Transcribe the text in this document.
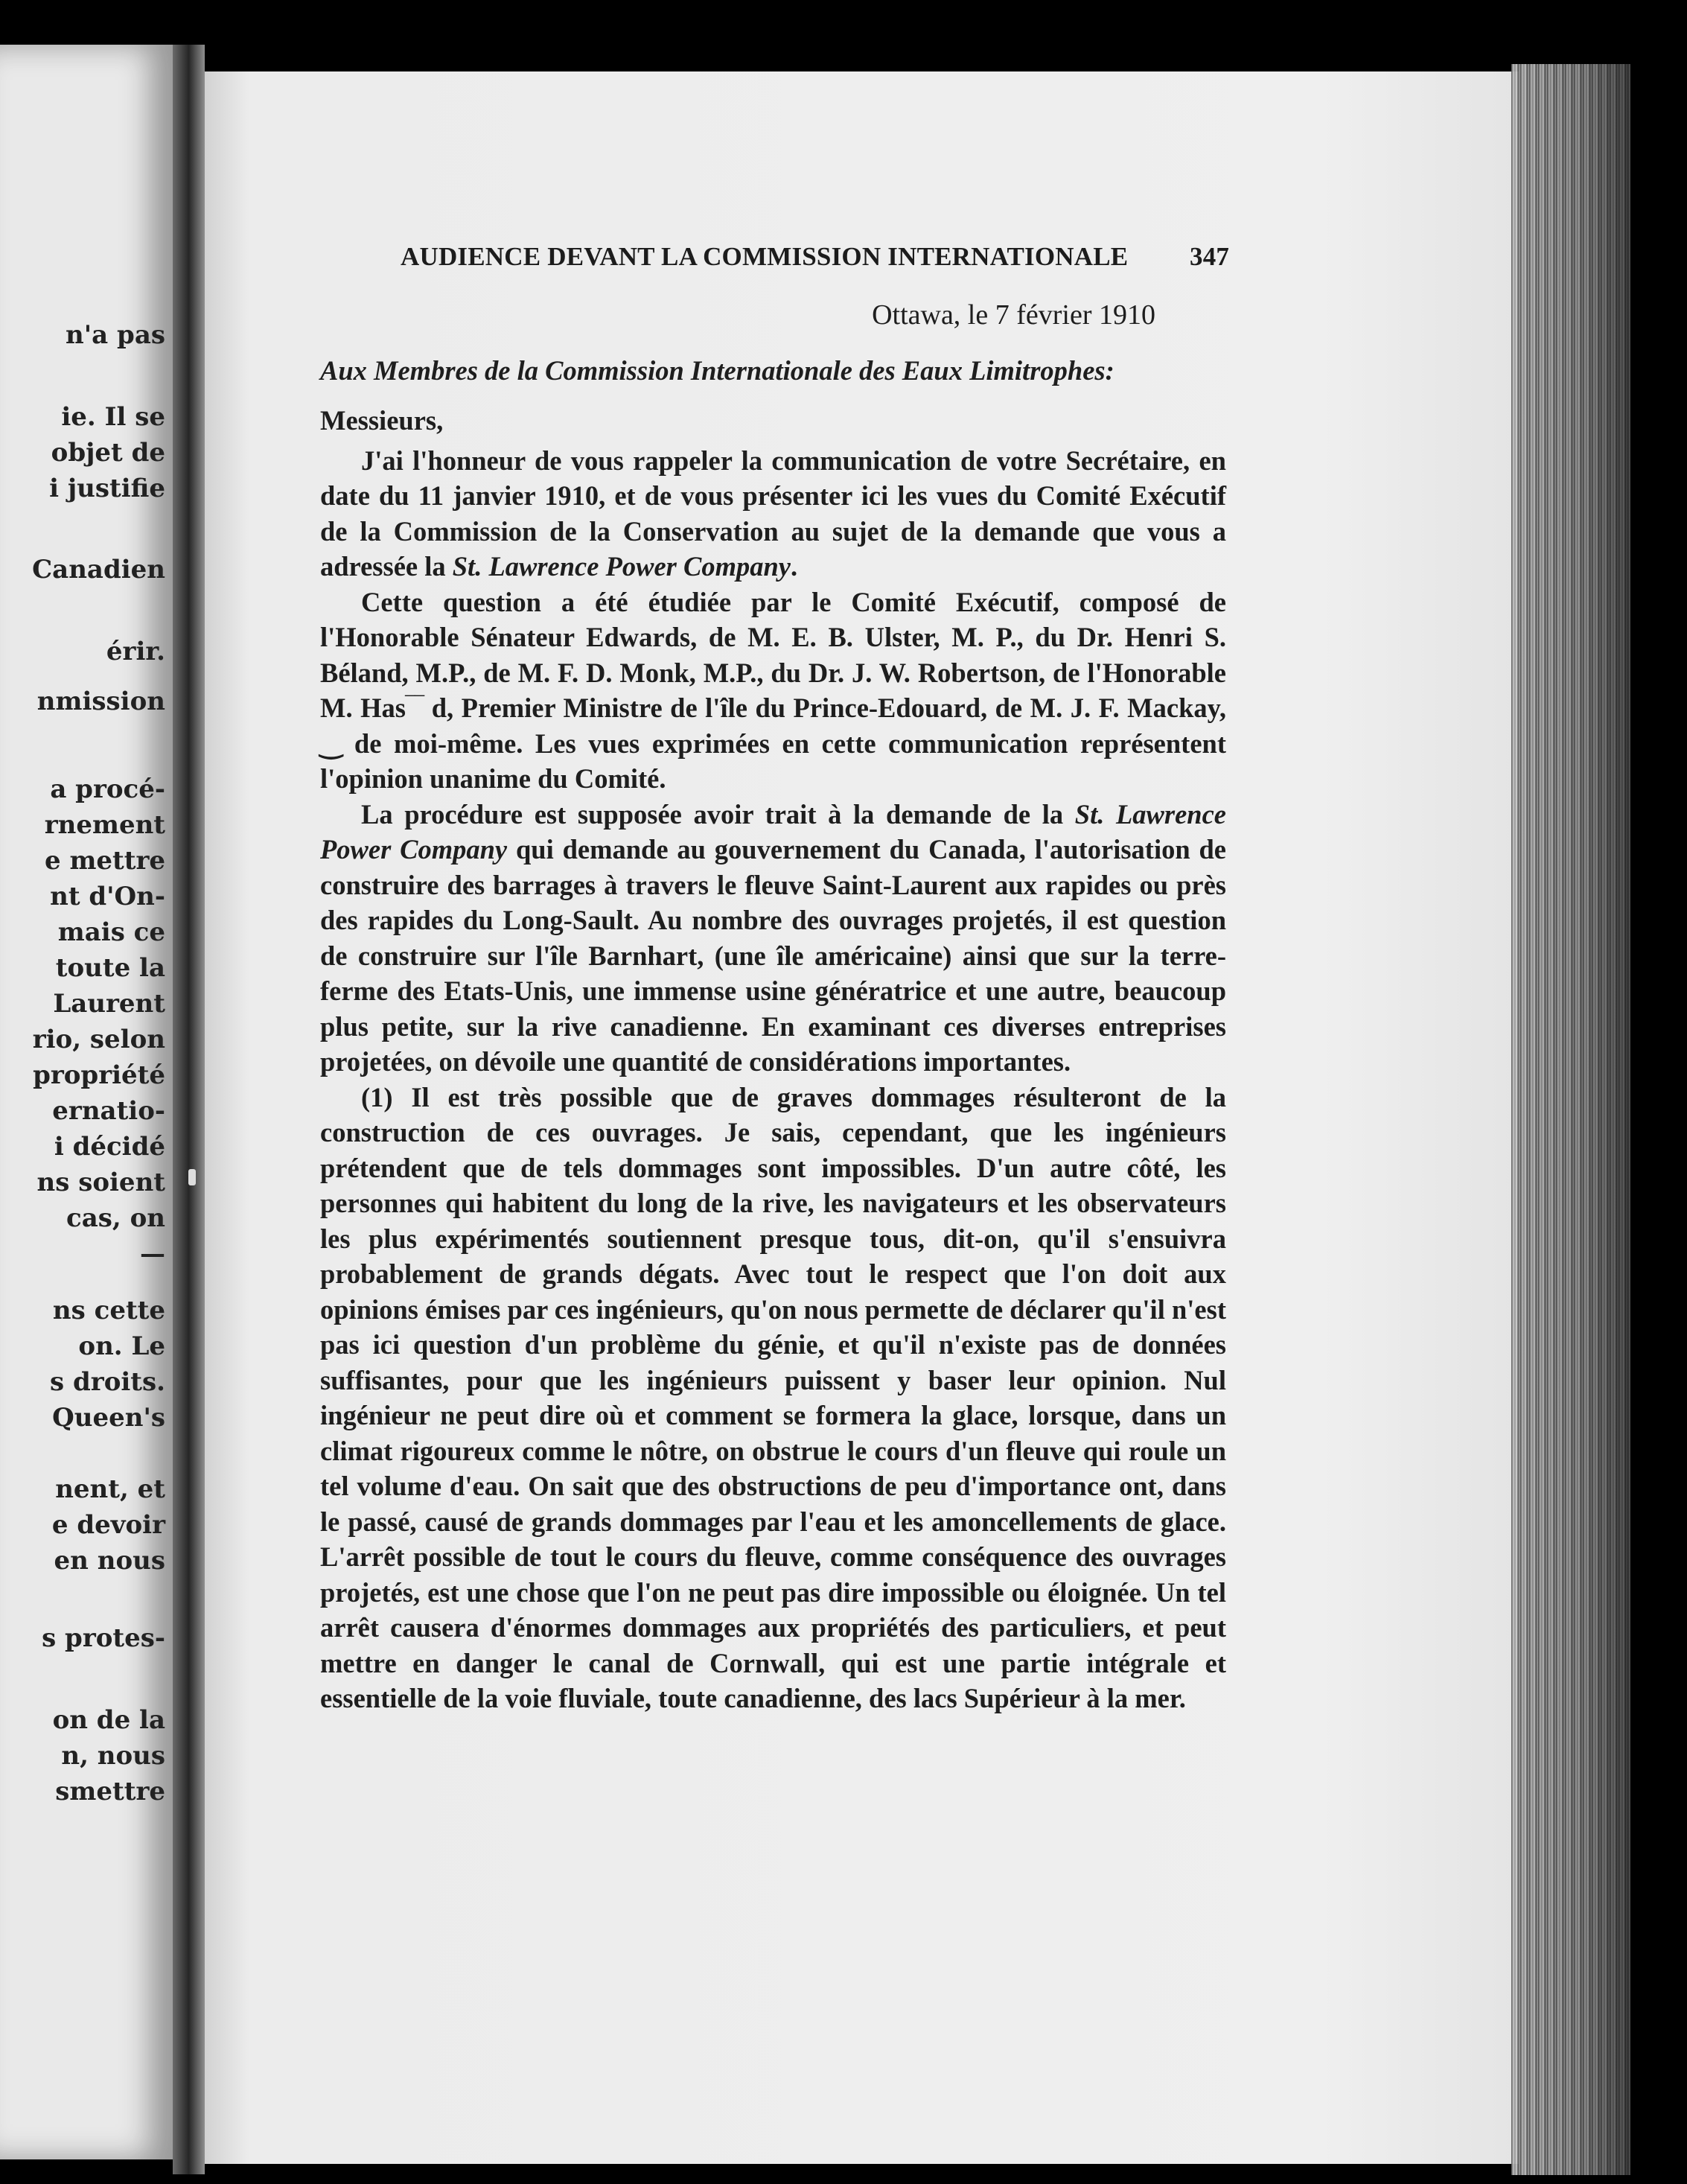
n'a pas
ie. Il se
objet de
i justifie
Canadien
érir.
nmission
a procé-
rnement
e mettre
nt d'On-
mais ce
toute la
Laurent
rio, selon
propriété
ernatio-
i décidé
ns soient
cas, on
—
ns cette
on. Le
s droits.
Queen's
nent, et
e devoir
en nous
s protes-
on de la
n, nous
smettre
AUDIENCE DEVANT LA COMMISSION INTERNATIONALE 347
Ottawa, le 7 février 1910
Aux Membres de la Commission Internationale des Eaux Limitrophes:
Messieurs,

J'ai l'honneur de vous rappeler la communication de votre Secrétaire, en date du 11 janvier 1910, et de vous présenter ici les vues du Comité Exécutif de la Commission de la Conservation au sujet de la demande que vous a adressée la St. Lawrence Power Company.

Cette question a été étudiée par le Comité Exécutif, composé de l'Honorable Sénateur Edwards, de M. E. B. Ulster, M. P., du Dr. Henri S. Béland, M.P., de M. F. D. Monk, M.P., du Dr. J. W. Robertson, de l'Honorable M. Has‾‾ d, Premier Ministre de l'île du Prince-Edouard, de M. J. F. Mackay, ‿ de moi-même. Les vues exprimées en cette communication représentent l'opinion unanime du Comité.

La procédure est supposée avoir trait à la demande de la St. Lawrence Power Company qui demande au gouvernement du Canada, l'autorisation de construire des barrages à travers le fleuve Saint-Laurent aux rapides ou près des rapides du Long-Sault. Au nombre des ouvrages projetés, il est question de construire sur l'île Barnhart, (une île américaine) ainsi que sur la terre-ferme des Etats-Unis, une immense usine génératrice et une autre, beaucoup plus petite, sur la rive canadienne. En examinant ces diverses entreprises projetées, on dévoile une quantité de considérations importantes.

(1) Il est très possible que de graves dommages résulteront de la construction de ces ouvrages. Je sais, cependant, que les ingénieurs prétendent que de tels dommages sont impossibles. D'un autre côté, les personnes qui habitent du long de la rive, les navigateurs et les observateurs les plus expérimentés soutiennent presque tous, dit-on, qu'il s'ensuivra probablement de grands dégats. Avec tout le respect que l'on doit aux opinions émises par ces ingénieurs, qu'on nous permette de déclarer qu'il n'est pas ici question d'un problème du génie, et qu'il n'existe pas de données suffisantes, pour que les ingénieurs puissent y baser leur opinion. Nul ingénieur ne peut dire où et comment se formera la glace, lorsque, dans un climat rigoureux comme le nôtre, on obstrue le cours d'un fleuve qui roule un tel volume d'eau. On sait que des obstructions de peu d'importance ont, dans le passé, causé de grands dommages par l'eau et les amoncellements de glace. L'arrêt possible de tout le cours du fleuve, comme conséquence des ouvrages projetés, est une chose que l'on ne peut pas dire impossible ou éloignée. Un tel arrêt causera d'énormes dommages aux propriétés des particuliers, et peut mettre en danger le canal de Cornwall, qui est une partie intégrale et essentielle de la voie fluviale, toute canadienne, des lacs Supérieur à la mer.
